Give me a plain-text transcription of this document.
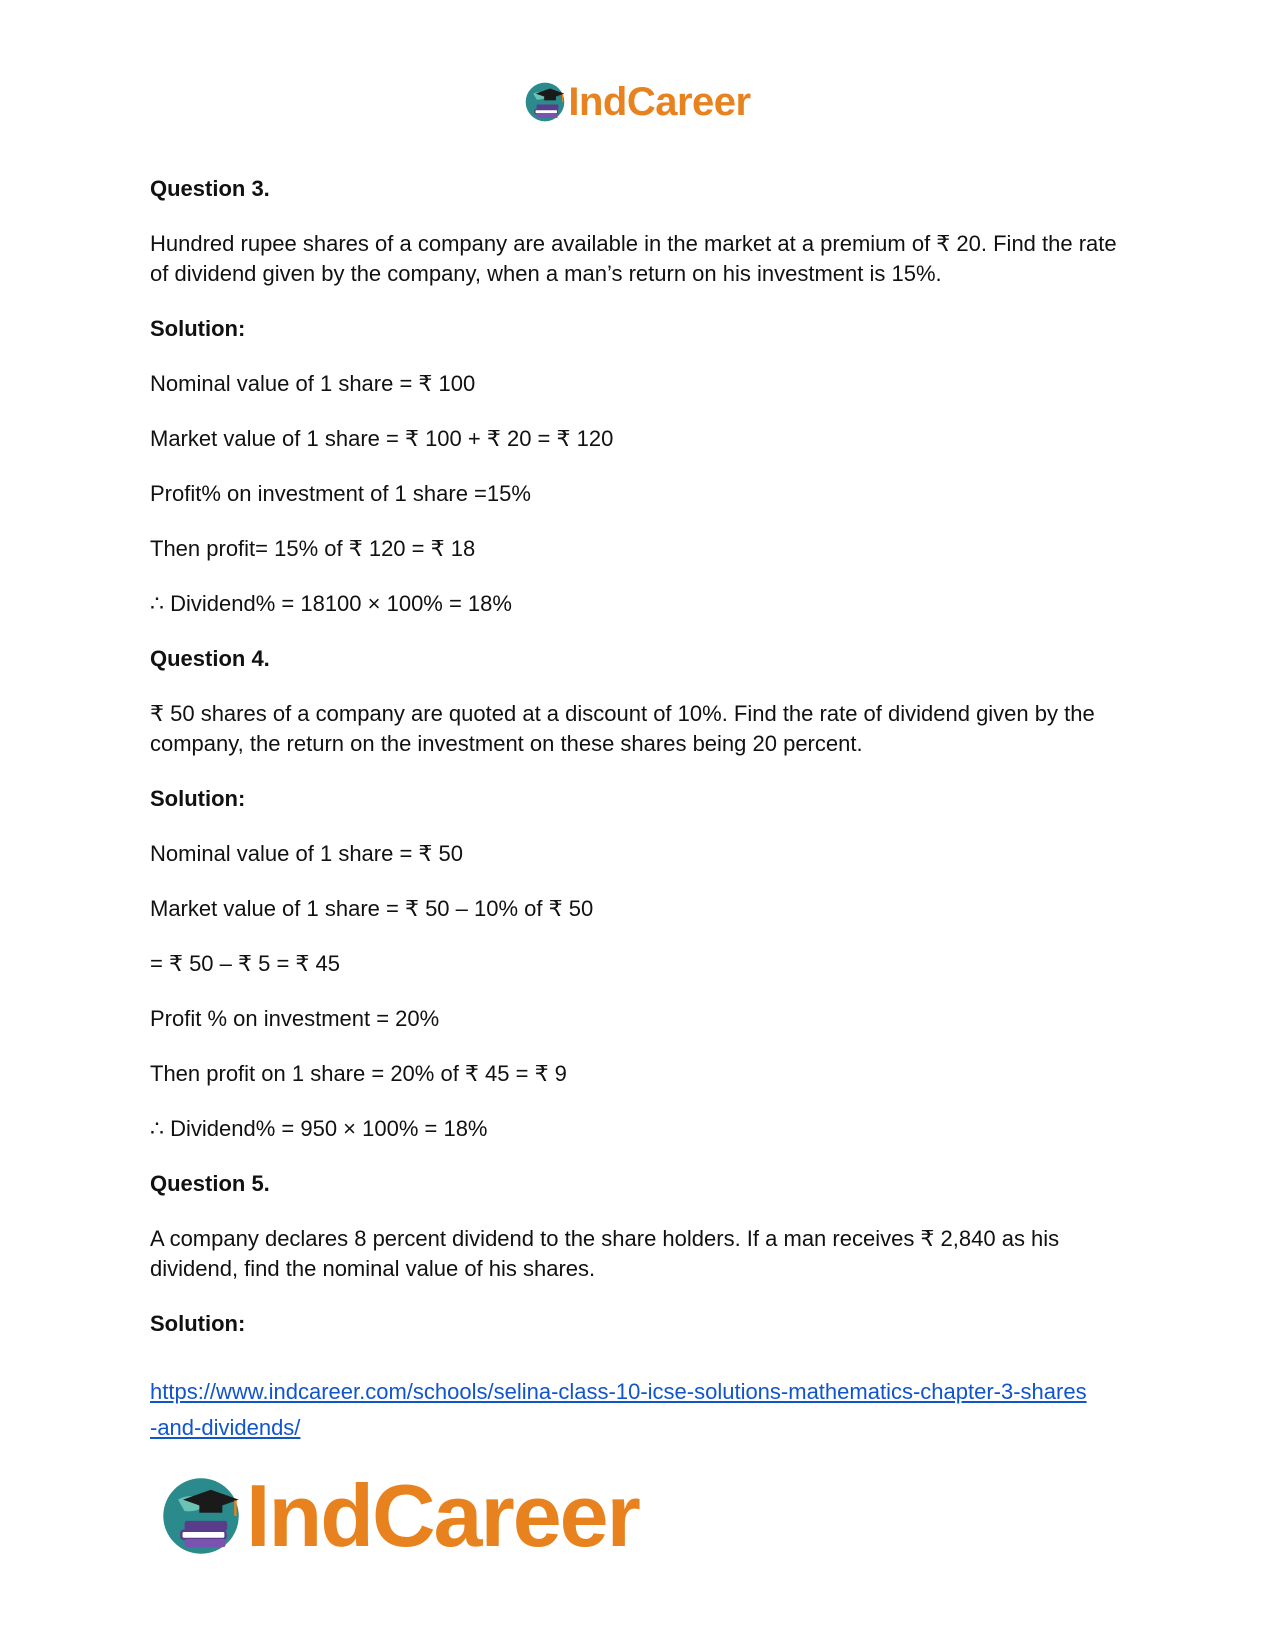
IndCareer

Question 3.

Hundred rupee shares of a company are available in the market at a premium of ₹ 20. Find the rate of dividend given by the company, when a man’s return on his investment is 15%.

Solution:

Nominal value of 1 share = ₹ 100

Market value of 1 share = ₹ 100 + ₹ 20 = ₹ 120

Profit% on investment of 1 share =15%

Then profit= 15% of ₹ 120 = ₹ 18

∴ Dividend% = 18100 × 100% = 18%

Question 4.

₹ 50 shares of a company are quoted at a discount of 10%. Find the rate of dividend given by the company, the return on the investment on these shares being 20 percent.

Solution:

Nominal value of 1 share = ₹ 50

Market value of 1 share = ₹ 50 – 10% of ₹ 50

= ₹ 50 – ₹ 5 = ₹ 45

Profit % on investment = 20%

Then profit on 1 share = 20% of ₹ 45 = ₹ 9

∴ Dividend% = 950 × 100% = 18%

Question 5.

A company declares 8 percent dividend to the share holders. If a man receives ₹ 2,840 as his dividend, find the nominal value of his shares.

Solution:

https://www.indcareer.com/schools/selina-class-10-icse-solutions-mathematics-chapter-3-shares
-and-dividends/

IndCareer
